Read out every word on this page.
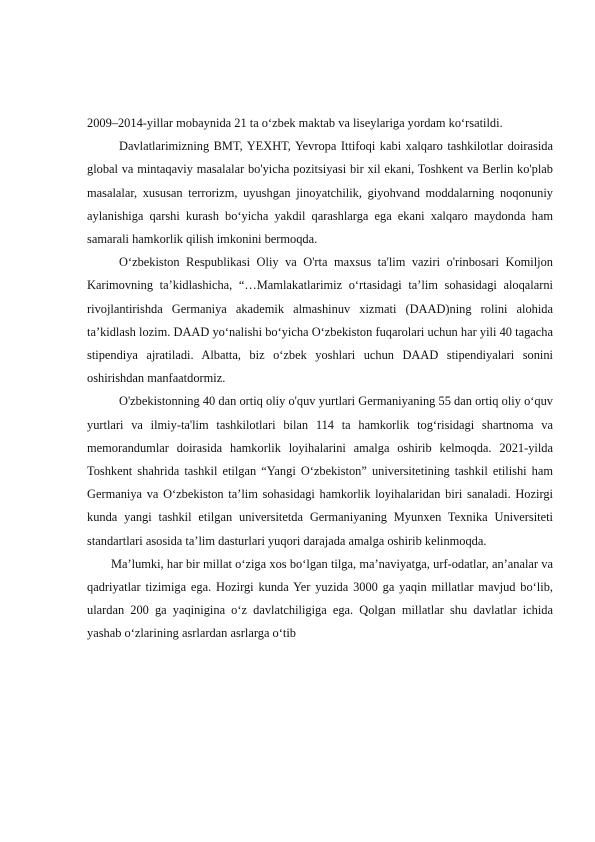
2009–2014-yillar mobaynida 21 ta o‘zbek maktab va liseylariga yordam ko‘rsatildi.

Davlatlarimizning BMT, YEXHT, Yevropa Ittifoqi kabi xalqaro tashkilotlar doirasida global va mintaqaviy masalalar bo'yicha pozitsiyasi bir xil ekani, Toshkent va Berlin ko'plab masalalar, xususan terrorizm, uyushgan jinoyatchilik, giyohvand moddalarning noqonuniy aylanishiga qarshi kurash bo‘yicha yakdil qarashlarga ega ekani xalqaro maydonda ham samarali hamkorlik qilish imkonini bermoqda.

O‘zbekiston Respublikasi Oliy va O'rta maxsus ta'lim vaziri o'rinbosari Komiljon Karimovning ta’kidlashicha, “…Mamlakatlarimiz o‘rtasidagi ta’lim sohasidagi aloqalarni rivojlantirishda Germaniya akademik almashinuv xizmati (DAAD)ning rolini alohida ta’kidlash lozim. DAAD yo‘nalishi bo‘yicha O‘zbekiston fuqarolari uchun har yili 40 tagacha stipendiya ajratiladi. Albatta, biz o‘zbek yoshlari uchun DAAD stipendiyalari sonini oshirishdan manfaatdormiz.

O'zbekistonning 40 dan ortiq oliy o'quv yurtlari Germaniyaning 55 dan ortiq oliy o‘quv yurtlari va ilmiy-ta'lim tashkilotlari bilan 114 ta hamkorlik tog‘risidagi shartnoma va memorandumlar doirasida hamkorlik loyihalarini amalga oshirib kelmoqda. 2021-yilda Toshkent shahrida tashkil etilgan “Yangi O‘zbekiston” universitetining tashkil etilishi ham Germaniya va O‘zbekiston ta’lim sohasidagi hamkorlik loyihalaridan biri sanaladi. Hozirgi kunda yangi tashkil etilgan universitetda Germaniyaning Myunxen Texnika Universiteti standartlari asosida ta’lim dasturlari yuqori darajada amalga oshirib kelinmoqda.

Ma’lumki, har bir millat o‘ziga xos bo‘lgan tilga, ma’naviyatga, urf-odatlar, an’analar va qadriyatlar tizimiga ega. Hozirgi kunda Yer yuzida 3000 ga yaqin millatlar mavjud bo‘lib, ulardan 200 ga yaqinigina o‘z davlatchiligiga ega. Qolgan millatlar shu davlatlar ichida yashab o‘zlarining asrlardan asrlarga o‘tib
